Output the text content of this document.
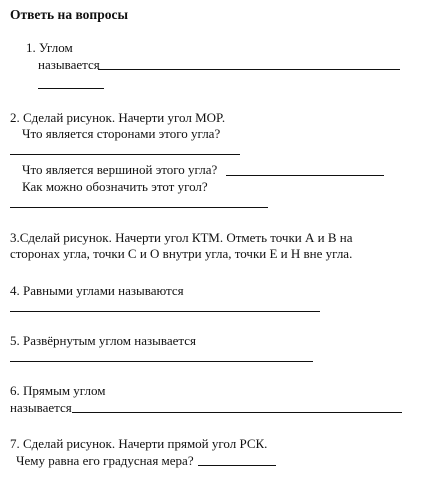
Ответь на вопросы
1. Углом
называется
2. Сделай рисунок. Начерти угол MOP.
Что является сторонами этого угла?
Что является вершиной этого угла?
Как можно обозначить этот угол?
3.Сделай рисунок. Начерти угол КТМ. Отметь точки А и В на
сторонах угла, точки С и О внутри угла, точки Е и Н вне угла.
4. Равными углами называются
5. Развёрнутым углом называется
6. Прямым углом
называется
7. Сделай рисунок. Начерти прямой угол РСК.
Чему равна его градусная мера?
